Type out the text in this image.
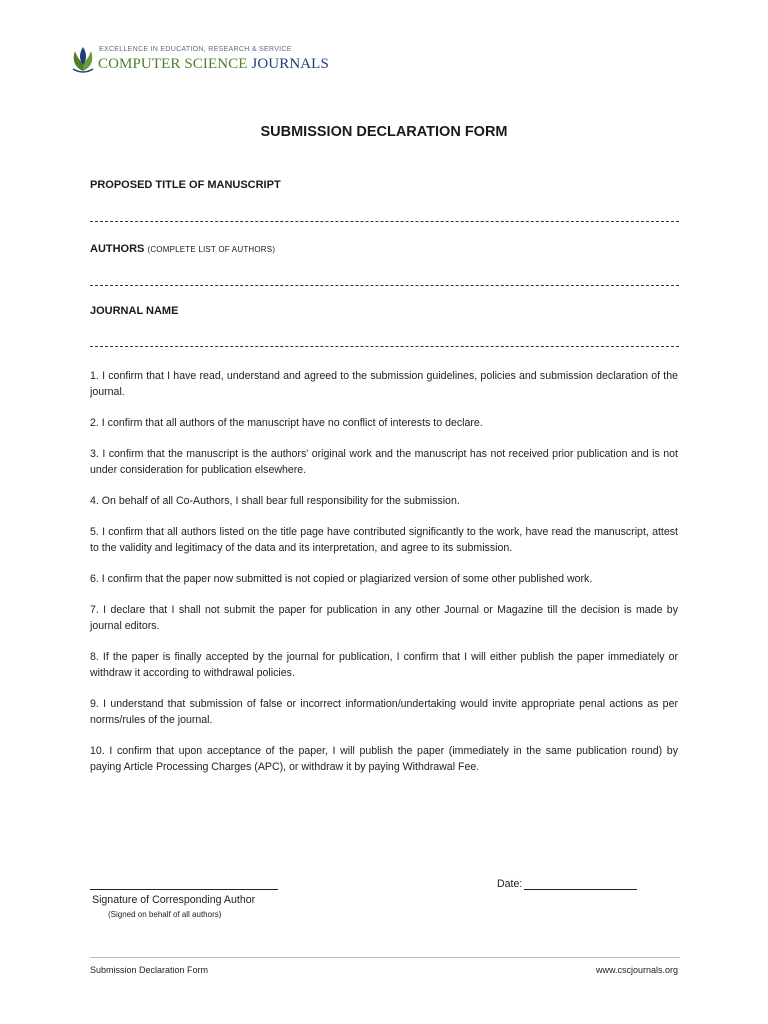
EXCELLENCE IN EDUCATION, RESEARCH & SERVICE
COMPUTER SCIENCE JOURNALS
SUBMISSION DECLARATION FORM
PROPOSED TITLE OF MANUSCRIPT
AUTHORS (COMPLETE LIST OF AUTHORS)
JOURNAL NAME

1. I confirm that I have read, understand and agreed to the submission guidelines, policies and submission declaration of the journal.

2. I confirm that all authors of the manuscript have no conflict of interests to declare.

3. I confirm that the manuscript is the authors' original work and the manuscript has not received prior publication and is not under consideration for publication elsewhere.

4. On behalf of all Co-Authors, I shall bear full responsibility for the submission.

5. I confirm that all authors listed on the title page have contributed significantly to the work, have read the manuscript, attest to the validity and legitimacy of the data and its interpretation, and agree to its submission.

6. I confirm that the paper now submitted is not copied or plagiarized version of some other published work.

7. I declare that I shall not submit the paper for publication in any other Journal or Magazine till the decision is made by journal editors.

8. If the paper is finally accepted by the journal for publication, I confirm that I will either publish the paper immediately or withdraw it according to withdrawal policies.

9. I understand that submission of false or incorrect information/undertaking would invite appropriate penal actions as per norms/rules of the journal.

10. I confirm that upon acceptance of the paper, I will publish the paper (immediately in the same publication round) by paying Article Processing Charges (APC), or withdraw it by paying Withdrawal Fee.

Signature of Corresponding Author
(Signed on behalf of all authors)
Date:
Submission Declaration Form	www.cscjournals.org
